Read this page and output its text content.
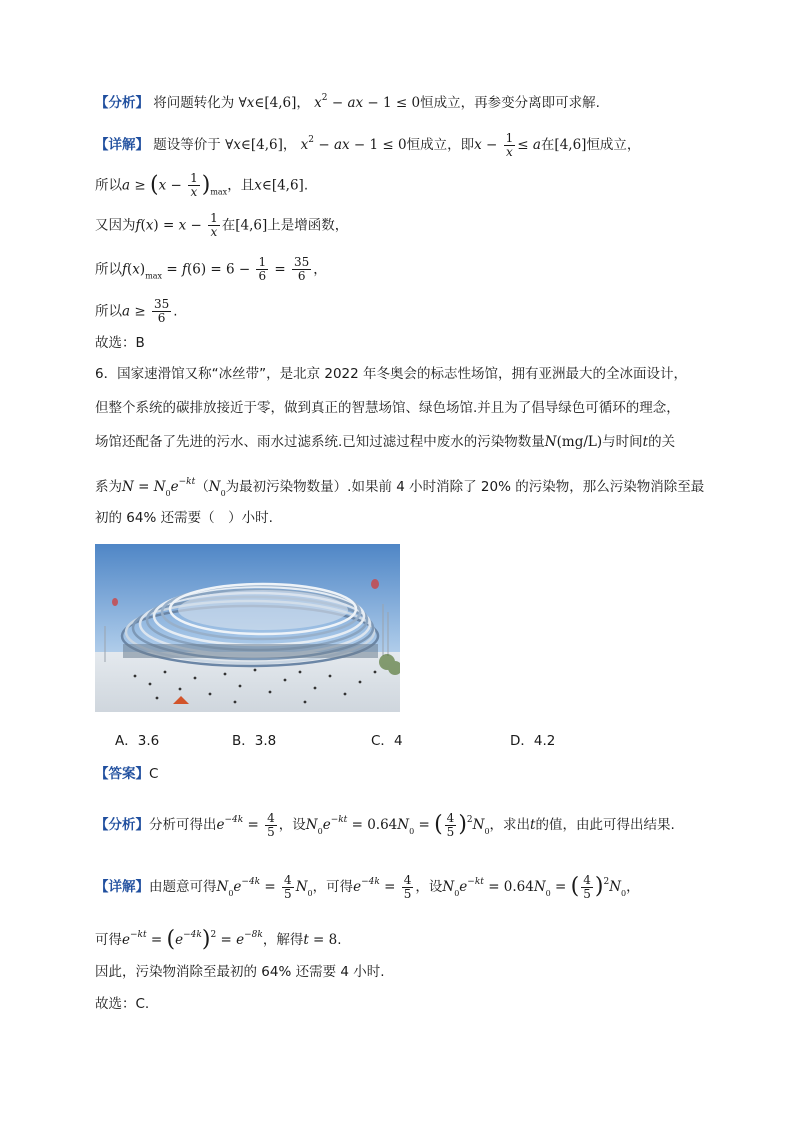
【分析】 将问题转化为 ∀x∈[4,6]， $x^2$ − ax − 1 ≤ 0恒成立，再参变分离即可求解.
【详解】 题设等价于 ∀x∈[4,6]， $x^2$ − ax − 1 ≤ 0恒成立，即$x - \frac{1}{x} \le a$在[4,6]恒成立，
所以$a \ge (x - \frac{1}{x} )_{max}$，且x∈[4,6].
又因为$f(x) = x - \frac{1}{x}$ 在[4,6]上是增函数，
所以$f(x)_{max} = f(6) = 6 - \frac{1}{6} = \frac{35}{6}$ ，
所以$a \ge \frac{35}{6}$ .
故选：B
6．国家速滑馆又称“冰丝带”，是北京 2022 年冬奥会的标志性场馆，拥有亚洲最大的全冰面设计，
但整个系统的碳排放接近于零，做到真正的智慧场馆、绿色场馆.并且为了倡导绿色可循环的理念，
场馆还配备了先进的污水、雨水过滤系统.已知过滤过程中废水的污染物数量N(mg/L)与时间t的关
系为$N = N_0e^{-kt}(N_0$为最初污染物数量）.如果前 4 小时消除了 20% 的污染物，那么污染物消除至最
初的 64% 还需要（　）小时.
A．3.6	B．3.8	C．4	D．4.2
【答案】C
【分析】分析可得出$e^{-4k} = \frac{4}{5}$ ，设$N_0e^{-kt} = 0.64N_0$ = ( $\frac{4}{5} )^2N_0$，求出t的值，由此可得出结果.
【详解】由题意可得$N_0e^{-4k} = \frac{4}{5} N_0$，可得$e^{-4k} = \frac{4}{5}$ ，设$N_0e^{-kt} = 0.64N_0$ = ( $\frac{4}{5} )^2N_0$，
可得$e^{-kt} = (e^{-4k})^2 = e^{-8k}$，解得t = 8.
因此，污染物消除至最初的 64% 还需要 4 小时.
故选：C.
